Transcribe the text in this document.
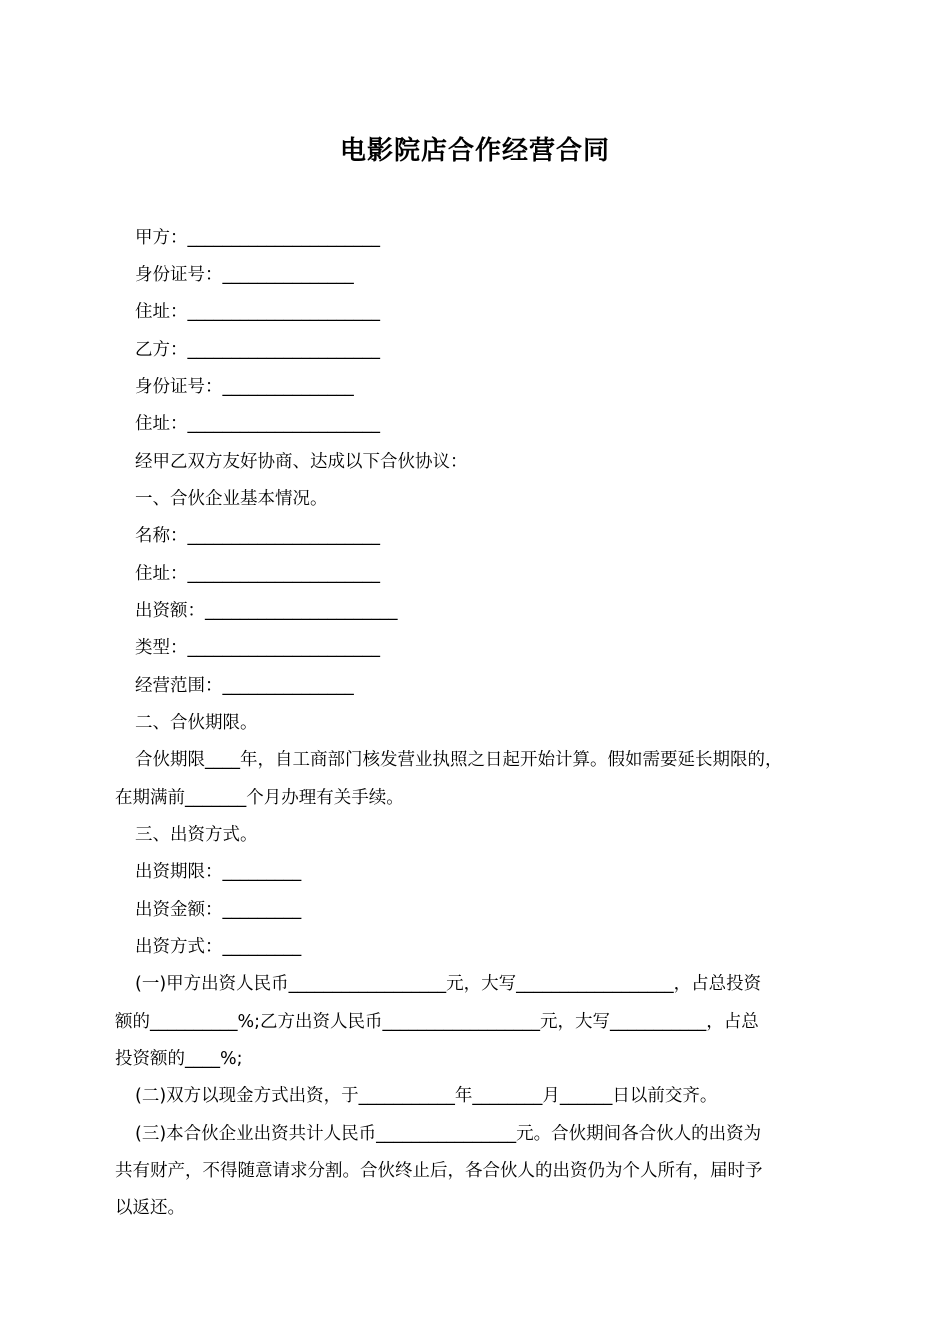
电影院店合作经营合同
甲方：______________________
身份证号：_______________
住址：______________________
乙方：______________________
身份证号：_______________
住址：______________________
经甲乙双方友好协商、达成以下合伙协议：
一、合伙企业基本情况。
名称：______________________
住址：______________________
出资额：______________________
类型：______________________
经营范围：_______________
二、合伙期限。
合伙期限____年，自工商部门核发营业执照之日起开始计算。假如需要延长期限的，
在期满前_______个月办理有关手续。
三、出资方式。
出资期限：_________
出资金额：_________
出资方式：_________
(一)甲方出资人民币__________________元，大写__________________，占总投资
额的__________%;乙方出资人民币__________________元，大写___________，占总
投资额的____%;
(二)双方以现金方式出资，于___________年________月______日以前交齐。
(三)本合伙企业出资共计人民币________________元。合伙期间各合伙人的出资为
共有财产，不得随意请求分割。合伙终止后，各合伙人的出资仍为个人所有，届时予
以返还。
